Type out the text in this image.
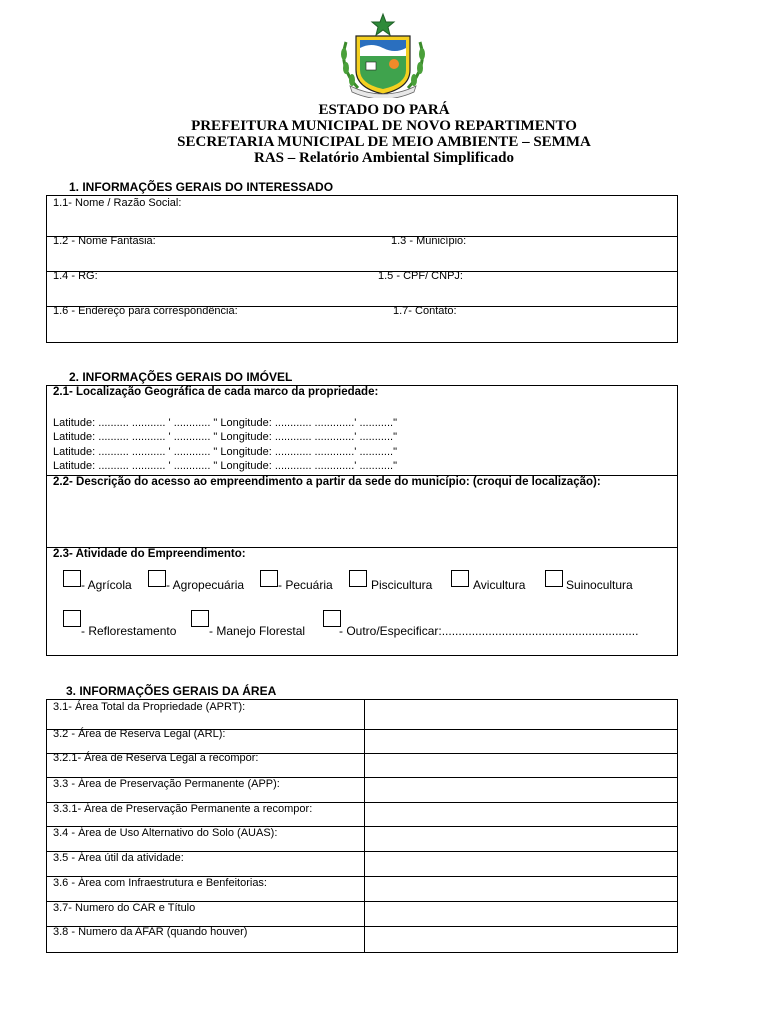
ESTADO DO PARÁ
PREFEITURA MUNICIPAL DE NOVO REPARTIMENTO
SECRETARIA MUNICIPAL DE MEIO AMBIENTE – SEMMA
RAS – Relatório Ambiental Simplificado
1. INFORMAÇÕES GERAIS DO INTERESSADO
1.1- Nome / Razão Social:
1.2 - Nome Fantasia:	1.3 - Município:
1.4 - RG:	1.5 - CPF/ CNPJ:
1.6 - Endereço para correspondência:	1.7- Contato:
2. INFORMAÇÕES GERAIS DO IMÓVEL
2.1- Localização Geográfica de cada marco da propriedade:
Latitude: .......... ........... ' ............ " Longitude: ............ .............' ..........."
Latitude: .......... ........... ' ............ " Longitude: ............ .............' ..........."
Latitude: .......... ........... ' ............ " Longitude: ............ .............' ..........."
Latitude: .......... ........... ' ............ " Longitude: ............ .............' ..........."
2.2- Descrição do acesso ao empreendimento a partir da sede do município: (croqui de localização):
2.3- Atividade do Empreendimento:
- Agrícola	- Agropecuária	- Pecuária	Piscicultura	Avicultura	Suinocultura
- Reflorestamento	- Manejo Florestal	- Outro/Especificar:...........................................................
3. INFORMAÇÕES GERAIS DA ÁREA
3.1- Área Total da Propriedade (APRT):
3.2 - Área de Reserva Legal (ARL):
3.2.1- Área de Reserva Legal a recompor:
3.3 - Área de Preservação Permanente (APP):
3.3.1- Área de Preservação Permanente a recompor:
3.4 - Área de Uso Alternativo do Solo (AUAS):
3.5 - Área útil da atividade:
3.6 - Área com Infraestrutura e Benfeitorias:
3.7- Numero do CAR e Título
3.8 - Numero da AFAR (quando houver)
